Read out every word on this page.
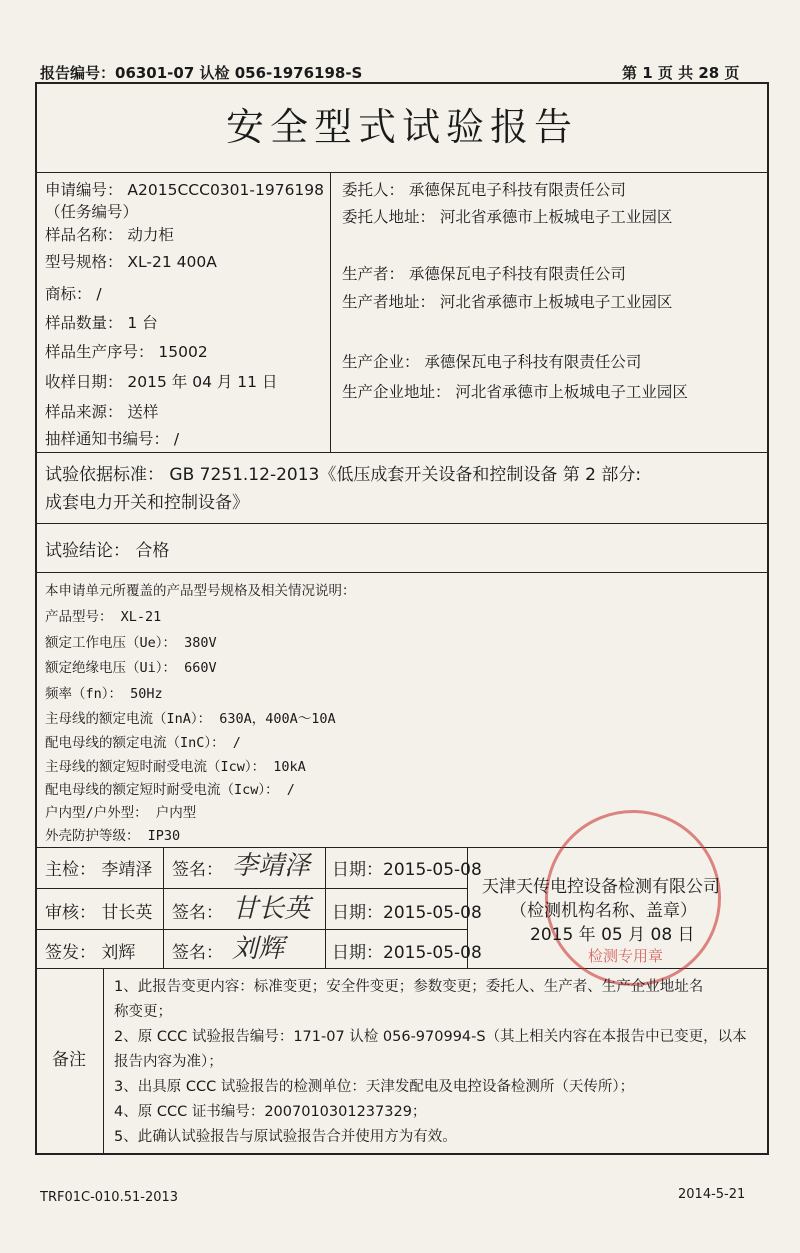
报告编号：06301-07 认检 056-1976198-S	第 1 页 共 28 页
安全型式试验报告
申请编号： A2015CCC0301-1976198
（任务编号）
样品名称： 动力柜
型号规格： XL-21 400A
商标： /
样品数量： 1 台
样品生产序号： 15002
收样日期： 2015 年 04 月 11 日
样品来源： 送样
抽样通知书编号： /
委托人： 承德保瓦电子科技有限责任公司
委托人地址： 河北省承德市上板城电子工业园区
生产者： 承德保瓦电子科技有限责任公司
生产者地址： 河北省承德市上板城电子工业园区
生产企业： 承德保瓦电子科技有限责任公司
生产企业地址： 河北省承德市上板城电子工业园区
试验依据标准： GB 7251.12-2013《低压成套开关设备和控制设备 第 2 部分:
成套电力开关和控制设备》
试验结论： 合格
本申请单元所覆盖的产品型号规格及相关情况说明：
产品型号： XL-21
额定工作电压（Ue）： 380V
额定绝缘电压（Ui）： 660V
频率（fn）： 50Hz
主母线的额定电流（InA）： 630A，400A～10A
配电母线的额定电流（InC）： /
主母线的额定短时耐受电流（Icw）： 10kA
配电母线的额定短时耐受电流（Icw）： /
户内型/户外型： 户内型
外壳防护等级： IP30
主检： 李靖泽 签名： 李靖泽 日期：2015-05-08
审核： 甘长英 签名： 甘长英 日期：2015-05-08
签发： 刘辉 签名： 刘辉	日期：2015-05-08	检测专用章
天津天传电控设备检测有限公司
（检测机构名称、盖章）
2015 年 05 月 08 日
备注
1、此报告变更内容：标准变更；安全件变更；参数变更；委托人、生产者、生产企业地址名
称变更；
2、原 CCC 试验报告编号：171-07 认检 056-970994-S（其上相关内容在本报告中已变更，以本
报告内容为准）；
3、出具原 CCC 试验报告的检测单位：天津发配电及电控设备检测所（天传所）；
4、原 CCC 证书编号：2007010301237329；
5、此确认试验报告与原试验报告合并使用方为有效。
TRF01C-010.51-2013	2014-5-21
